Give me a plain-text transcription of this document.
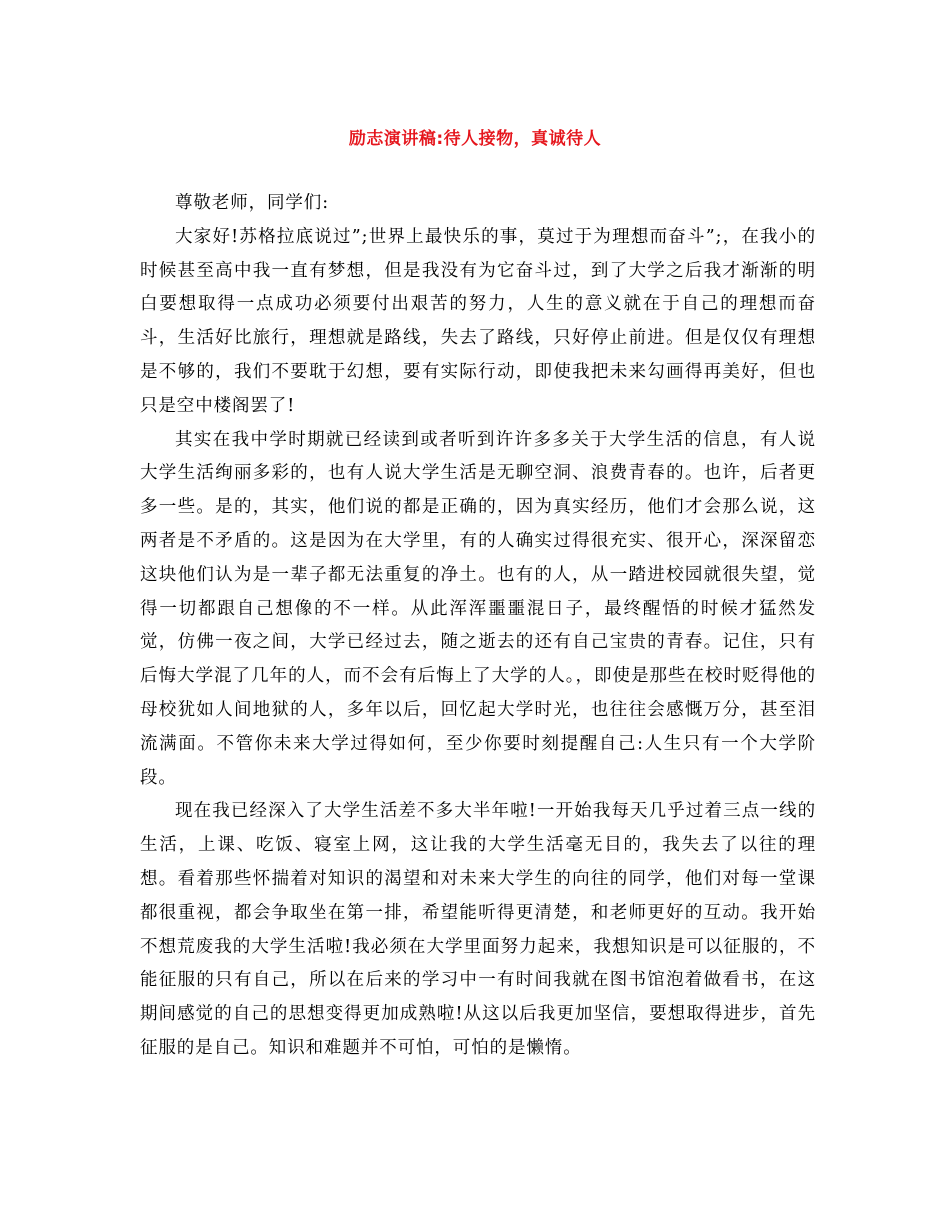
励志演讲稿:待人接物，真诚待人

尊敬老师，同学们:

大家好!苏格拉底说过”;世界上最快乐的事，莫过于为理想而奋斗”;，在我小的时候甚至高中我一直有梦想，但是我没有为它奋斗过，到了大学之后我才渐渐的明白要想取得一点成功必须要付出艰苦的努力，人生的意义就在于自己的理想而奋斗，生活好比旅行，理想就是路线，失去了路线，只好停止前进。但是仅仅有理想是不够的，我们不要耽于幻想，要有实际行动，即使我把未来勾画得再美好，但也只是空中楼阁罢了!

其实在我中学时期就已经读到或者听到许许多多关于大学生活的信息，有人说大学生活绚丽多彩的，也有人说大学生活是无聊空洞、浪费青春的。也许，后者更多一些。是的，其实，他们说的都是正确的，因为真实经历，他们才会那么说，这两者是不矛盾的。这是因为在大学里，有的人确实过得很充实、很开心，深深留恋这块他们认为是一辈子都无法重复的净土。也有的人，从一踏进校园就很失望，觉得一切都跟自己想像的不一样。从此浑浑噩噩混日子，最终醒悟的时候才猛然发觉，仿佛一夜之间，大学已经过去，随之逝去的还有自己宝贵的青春。记住，只有后悔大学混了几年的人，而不会有后悔上了大学的人。，即使是那些在校时贬得他的母校犹如人间地狱的人，多年以后，回忆起大学时光，也往往会感慨万分，甚至泪流满面。不管你未来大学过得如何，至少你要时刻提醒自己:人生只有一个大学阶段。

现在我已经深入了大学生活差不多大半年啦!一开始我每天几乎过着三点一线的生活，上课、吃饭、寝室上网，这让我的大学生活毫无目的，我失去了以往的理想。看着那些怀揣着对知识的渴望和对未来大学生的向往的同学，他们对每一堂课都很重视，都会争取坐在第一排，希望能听得更清楚，和老师更好的互动。我开始不想荒废我的大学生活啦!我必须在大学里面努力起来，我想知识是可以征服的，不能征服的只有自己，所以在后来的学习中一有时间我就在图书馆泡着做看书，在这期间感觉的自己的思想变得更加成熟啦!从这以后我更加坚信，要想取得进步，首先征服的是自己。知识和难题并不可怕，可怕的是懒惰。
